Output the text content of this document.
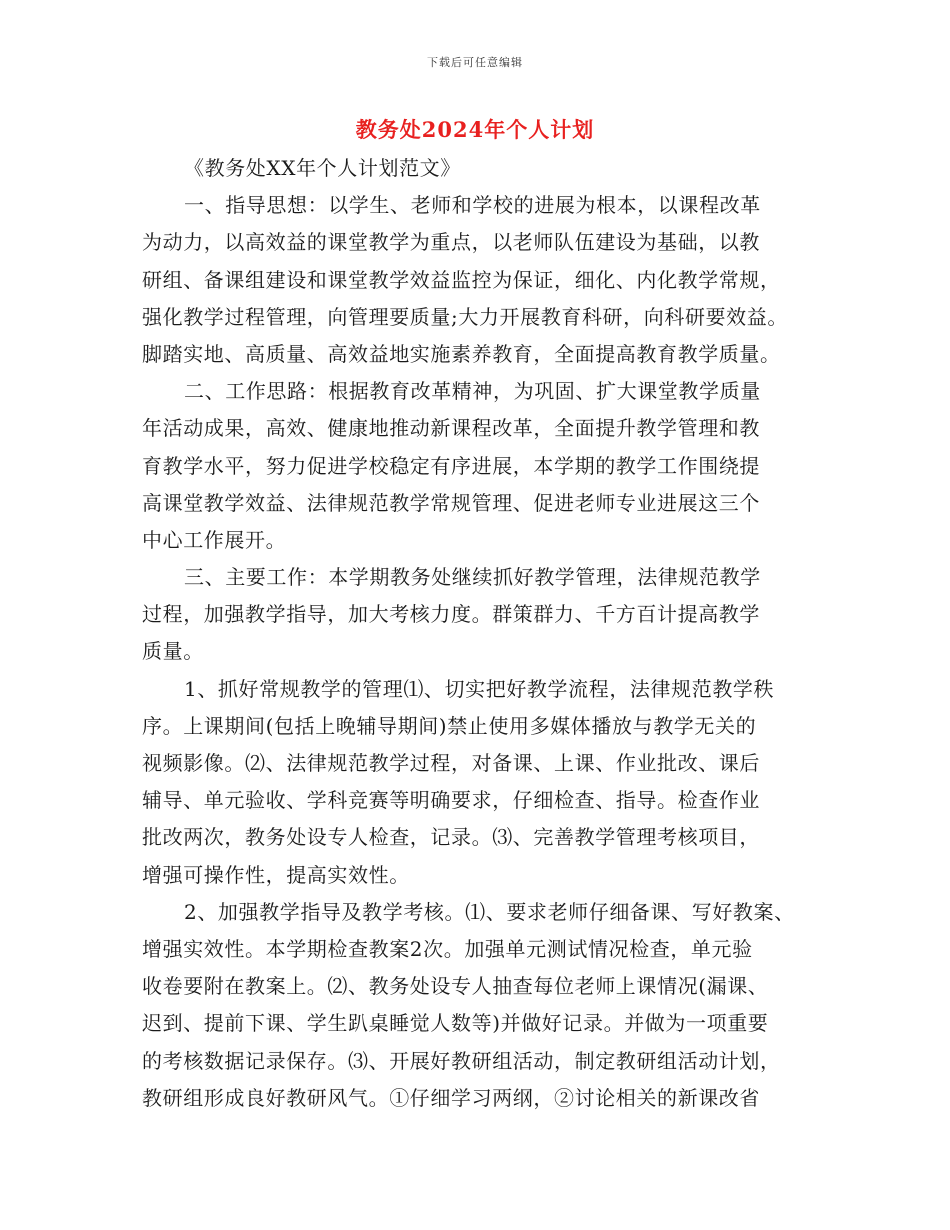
下载后可任意编辑
教务处2024年个人计划
《教务处XX年个人计划范文》
一、指导思想：以学生、老师和学校的进展为根本，以课程改革
为动力，以高效益的课堂教学为重点，以老师队伍建设为基础，以教
研组、备课组建设和课堂教学效益监控为保证，细化、内化教学常规，
强化教学过程管理，向管理要质量;大力开展教育科研，向科研要效益。
脚踏实地、高质量、高效益地实施素养教育，全面提高教育教学质量。
二、工作思路：根据教育改革精神，为巩固、扩大课堂教学质量
年活动成果，高效、健康地推动新课程改革，全面提升教学管理和教
育教学水平，努力促进学校稳定有序进展，本学期的教学工作围绕提
高课堂教学效益、法律规范教学常规管理、促进老师专业进展这三个
中心工作展开。
三、主要工作：本学期教务处继续抓好教学管理，法律规范教学
过程，加强教学指导，加大考核力度。群策群力、千方百计提高教学
质量。
1、抓好常规教学的管理⑴、切实把好教学流程，法律规范教学秩
序。上课期间(包括上晚辅导期间)禁止使用多媒体播放与教学无关的
视频影像。⑵、法律规范教学过程，对备课、上课、作业批改、课后
辅导、单元验收、学科竞赛等明确要求，仔细检查、指导。检查作业
批改两次，教务处设专人检查，记录。⑶、完善教学管理考核项目，
增强可操作性，提高实效性。
2、加强教学指导及教学考核。⑴、要求老师仔细备课、写好教案、
增强实效性。本学期检查教案2次。加强单元测试情况检查，单元验
收卷要附在教案上。⑵、教务处设专人抽查每位老师上课情况(漏课、
迟到、提前下课、学生趴桌睡觉人数等)并做好记录。并做为一项重要
的考核数据记录保存。⑶、开展好教研组活动，制定教研组活动计划，
教研组形成良好教研风气。①仔细学习两纲，②讨论相关的新课改省
